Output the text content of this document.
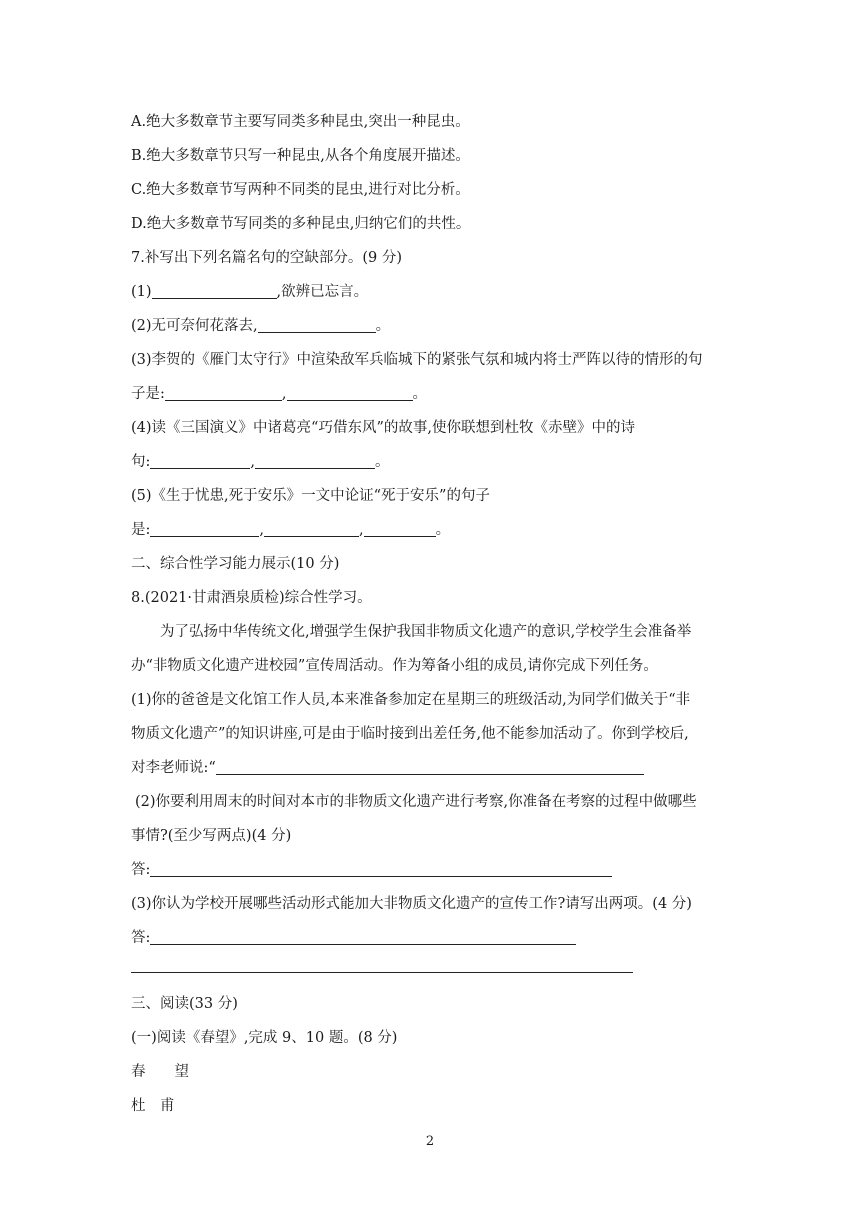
A.绝大多数章节主要写同类多种昆虫,突出一种昆虫。
B.绝大多数章节只写一种昆虫,从各个角度展开描述。
C.绝大多数章节写两种不同类的昆虫,进行对比分析。
D.绝大多数章节写同类的多种昆虫,归纳它们的共性。
7.补写出下列名篇名句的空缺部分。(9 分)
(1)	,欲辨已忘言。
(2)无可奈何花落去,	。
(3)李贺的《雁门太守行》中渲染敌军兵临城下的紧张气氛和城内将士严阵以待的情形的句
子是:	,	。
(4)读《三国演义》中诸葛亮“巧借东风”的故事,使你联想到杜牧《赤壁》中的诗
句:	,	。
(5)《生于忧患,死于安乐》一文中论证“死于安乐”的句子
是:	,	,	。
二、综合性学习能力展示(10 分)
8.(2021·甘肃酒泉质检)综合性学习。
为了弘扬中华传统文化,增强学生保护我国非物质文化遗产的意识,学校学生会准备举
办“非物质文化遗产进校园”宣传周活动。作为筹备小组的成员,请你完成下列任务。
(1)你的爸爸是文化馆工作人员,本来准备参加定在星期三的班级活动,为同学们做关于“非
物质文化遗产”的知识讲座,可是由于临时接到出差任务,他不能参加活动了。你到学校后,
对李老师说:“
(2)你要利用周末的时间对本市的非物质文化遗产进行考察,你准备在考察的过程中做哪些
事情?(至少写两点)(4 分)
答:
(3)你认为学校开展哪些活动形式能加大非物质文化遗产的宣传工作?请写出两项。(4 分)
答:
三、阅读(33 分)
(一)阅读《春望》,完成 9、10 题。(8 分)
春　　望
杜　甫
2
